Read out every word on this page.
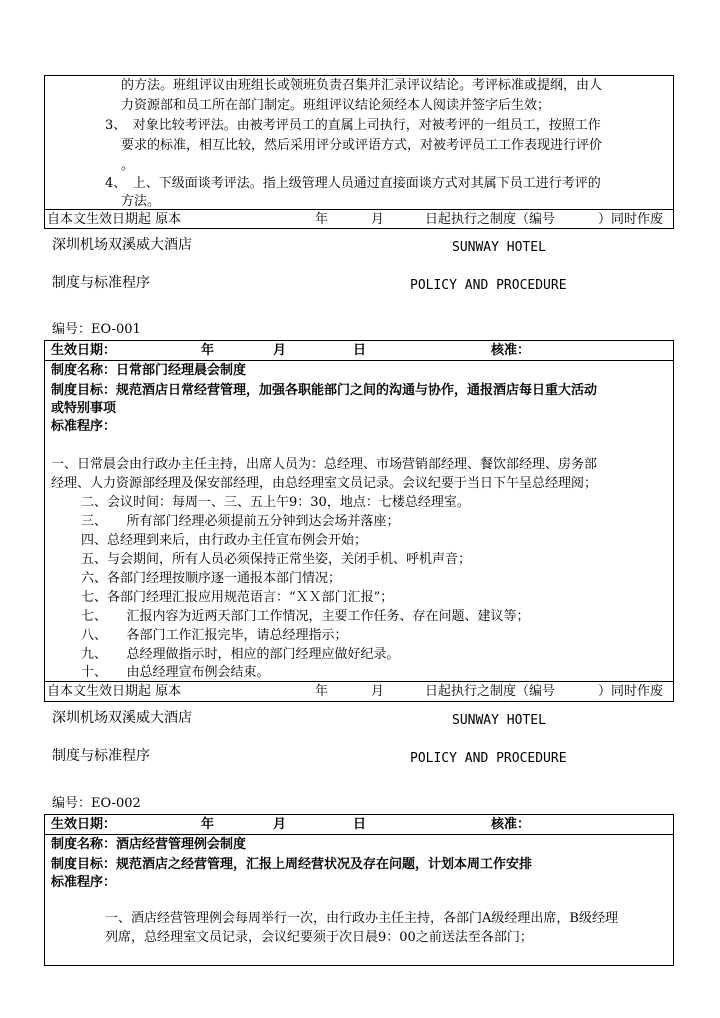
的方法。班组评议由班组长或领班负责召集并汇录评议结论。考评标准或提纲，由人
力资源部和员工所在部门制定。班组评议结论须经本人阅读并签字后生效；
3、　对象比较考评法。由被考评员工的直属上司执行，对被考评的一组员工，按照工作
要求的标准，相互比较，然后采用评分或评语方式，对被考评员工工作表现进行评价
。
4、　上、下级面谈考评法。指上级管理人员通过直接面谈方式对其属下员工进行考评的
方法。
自本文生效日期起 原本	年	月	日起执行之制度（编号	）同时作废
深圳机场双溪威大酒店	SUNWAY HOTEL
制度与标准程序	POLICY AND PROCEDURE
编号：EO-001
生效日期：	年	月	日	核准：
制度名称：日常部门经理晨会制度
制度目标：规范酒店日常经营管理，加强各职能部门之间的沟通与协作，通报酒店每日重大活动
或特别事项
标准程序：
一、日常晨会由行政办主任主持，出席人员为：总经理、市场营销部经理、餐饮部经理、房务部
经理、人力资源部经理及保安部经理，由总经理室文员记录。会议纪要于当日下午呈总经理阅；
二、会议时间：每周一、三、五上午9：30，地点：七楼总经理室。
三、　　所有部门经理必须提前五分钟到达会场并落座；
四、总经理到来后，由行政办主任宣布例会开始；
五、与会期间，所有人员必须保持正常坐姿，关闭手机、呼机声音；
六、各部门经理按顺序逐一通报本部门情况；
七、各部门经理汇报应用规范语言：“ＸＸ部门汇报”；
七、　　汇报内容为近两天部门工作情况，主要工作任务、存在问题、建议等；
八、　　各部门工作汇报完毕，请总经理指示；
九、　　总经理做指示时，相应的部门经理应做好纪录。
十、　　由总经理宣布例会结束。
自本文生效日期起 原本	年	月	日起执行之制度（编号	）同时作废
深圳机场双溪威大酒店	SUNWAY HOTEL
制度与标准程序	POLICY AND PROCEDURE
编号：EO-002
生效日期：	年	月	日	核准：
制度名称：酒店经营管理例会制度
制度目标：规范酒店之经营管理，汇报上周经营状况及存在问题，计划本周工作安排
标准程序：
一、酒店经营管理例会每周举行一次，由行政办主任主持，各部门A级经理出席，B级经理
列席，总经理室文员记录，会议纪要须于次日晨9：00之前送法至各部门；
